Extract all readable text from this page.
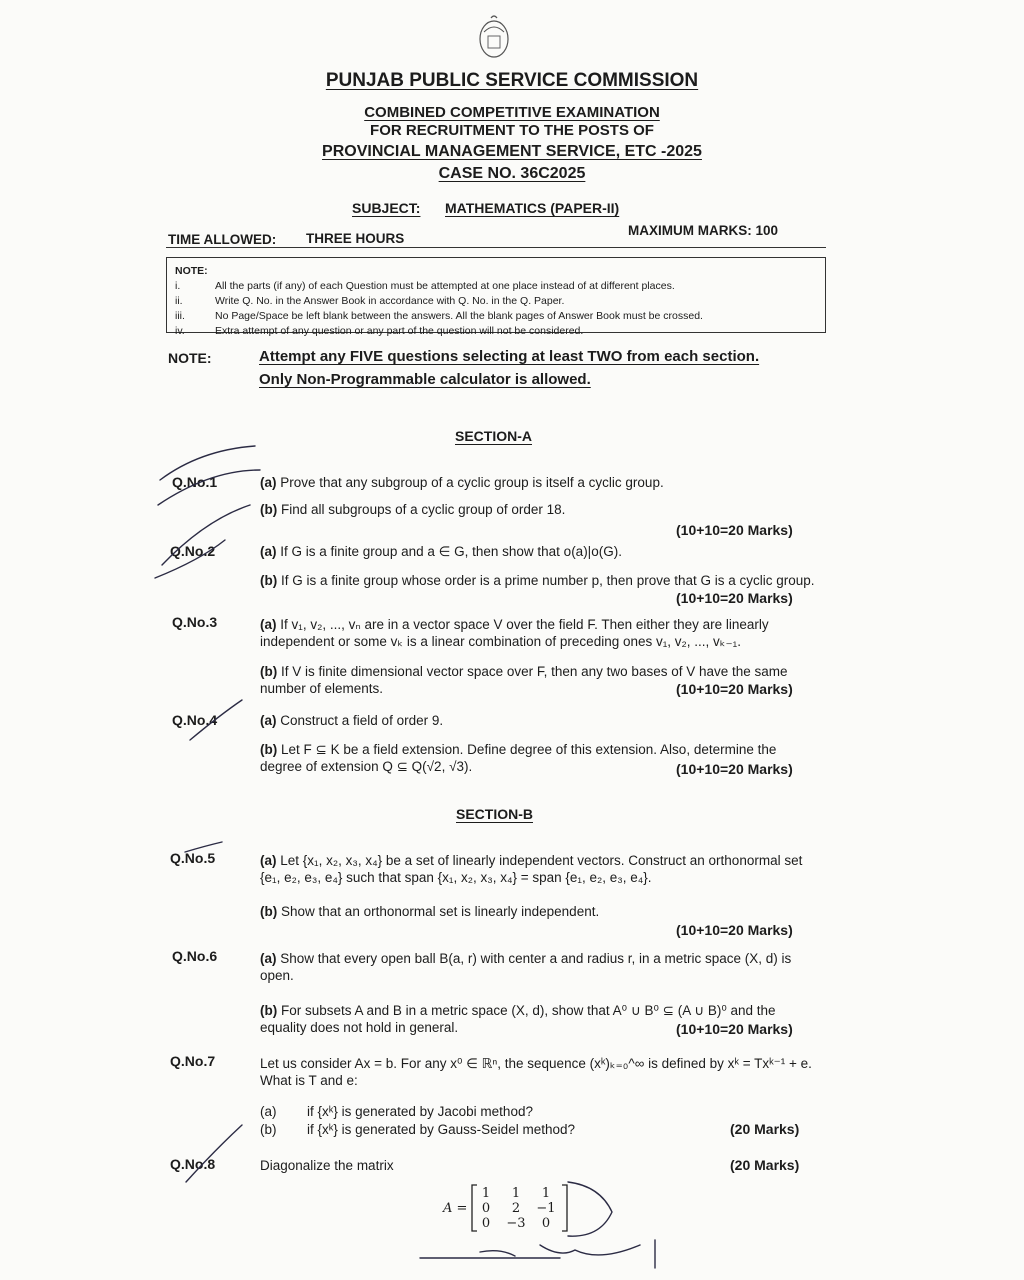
PUNJAB PUBLIC SERVICE COMMISSION
COMBINED COMPETITIVE EXAMINATION
FOR RECRUITMENT TO THE POSTS OF
PROVINCIAL MANAGEMENT SERVICE, ETC -2025
CASE NO. 36C2025
SUBJECT: MATHEMATICS (PAPER-II)
TIME ALLOWED: THREE HOURS
MAXIMUM MARKS: 100
NOTE:
i.	All the parts (if any) of each Question must be attempted at one place instead of at different places.
ii.	Write Q. No. in the Answer Book in accordance with Q. No. in the Q. Paper.
iii.	No Page/Space be left blank between the answers. All the blank pages of Answer Book must be crossed.
iv.	Extra attempt of any question or any part of the question will not be considered.
NOTE:	Attempt any FIVE questions selecting at least TWO from each section.
Only Non-Programmable calculator is allowed.
SECTION-A
Q.No.1	(a) Prove that any subgroup of a cyclic group is itself a cyclic group.
(b) Find all subgroups of a cyclic group of order 18.
(10+10=20 Marks)
Q.No.2	(a) If G is a finite group and a ∈ G, then show that o(a)|o(G).
(b) If G is a finite group whose order is a prime number p, then prove that G is a cyclic group.
(10+10=20 Marks)
Q.No.3	(a) If v₁, v₂, ..., vₙ are in a vector space V over the field F. Then either they are linearly independent or some vₖ is a linear combination of preceding ones v₁, v₂, ..., vₖ₋₁.
(b) If V is finite dimensional vector space over F, then any two bases of V have the same number of elements.	(10+10=20 Marks)
Q.No.4	(a) Construct a field of order 9.
(b) Let F ⊆ K be a field extension. Define degree of this extension. Also, determine the degree of extension Q ⊆ Q(√2, √3).	(10+10=20 Marks)
SECTION-B
Q.No.5	(a) Let {x₁, x₂, x₃, x₄} be a set of linearly independent vectors. Construct an orthonormal set {e₁, e₂, e₃, e₄} such that span {x₁, x₂, x₃, x₄} = span {e₁, e₂, e₃, e₄}.
(b) Show that an orthonormal set is linearly independent.
(10+10=20 Marks)
Q.No.6	(a) Show that every open ball B(a, r) with center a and radius r, in a metric space (X, d) is open.
(b) For subsets A and B in a metric space (X, d), show that A⁰ ∪ B⁰ ⊆ (A ∪ B)⁰ and the equality does not hold in general.	(10+10=20 Marks)
Q.No.7	Let us consider Ax = b. For any x⁰ ∈ ℝⁿ, the sequence (xᵏ)ₖ₌₀^∞ is defined by xᵏ = Txᵏ⁻¹ + e. What is T and e:
(a) if {xᵏ} is generated by Jacobi method?
(b) if {xᵏ} is generated by Gauss-Seidel method?	(20 Marks)
Q.No.8	Diagonalize the matrix	(20 Marks)
A =
1	1	1
0	2	−1
0	−3	0
